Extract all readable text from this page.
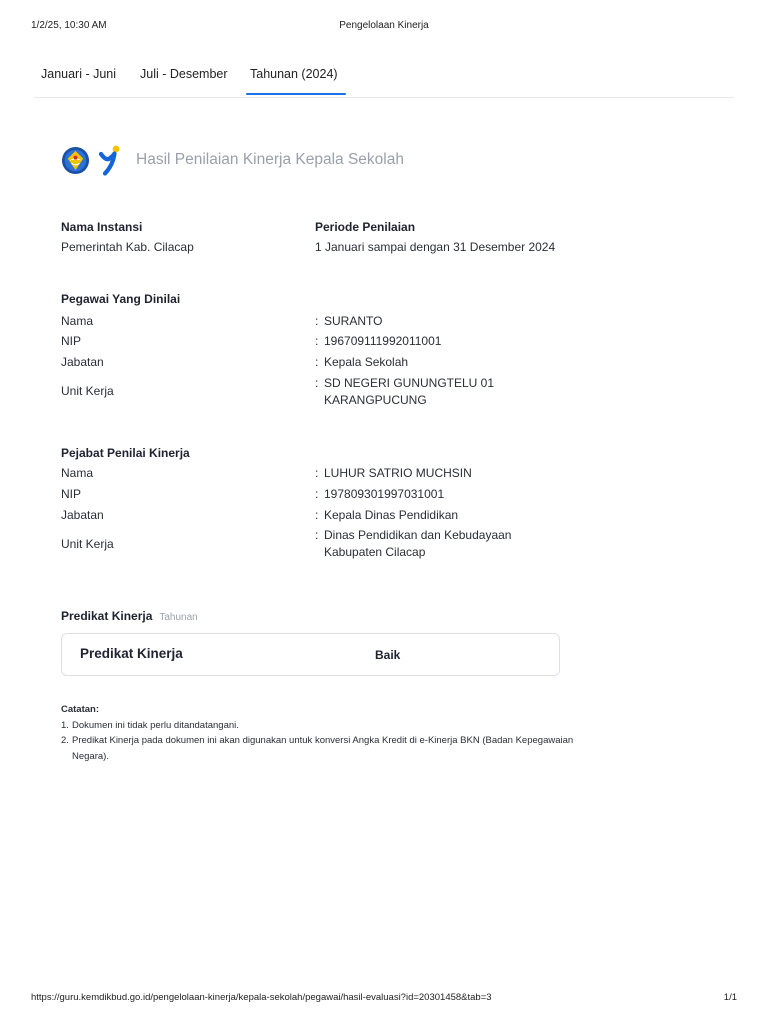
1/2/25, 10:30 AM	Pengelolaan Kinerja
Januari - Juni Juli - Desember Tahunan (2024)
Hasil Penilaian Kinerja Kepala Sekolah
Nama Instansi
Pemerintah Kab. Cilacap
Periode Penilaian
1 Januari sampai dengan 31 Desember 2024
Pegawai Yang Dinilai
Nama	: SURANTO
NIP	: 196709111992011001
Jabatan	: Kepala Sekolah
Unit Kerja
: SD NEGERI GUNUNGTELU 01 KARANGPUCUNG
Pejabat Penilai Kinerja
Nama	: LUHUR SATRIO MUCHSIN
NIP	: 197809301997031001
Jabatan	: Kepala Dinas Pendidikan
Unit Kerja
: Dinas Pendidikan dan Kebudayaan Kabupaten Cilacap
Predikat Kinerja Tahunan
Predikat Kinerja	Baik
Catatan:
1. Dokumen ini tidak perlu ditandatangani.
2. Predikat Kinerja pada dokumen ini akan digunakan untuk konversi Angka Kredit di e-Kinerja BKN (Badan Kepegawaian Negara).
https://guru.kemdikbud.go.id/pengelolaan-kinerja/kepala-sekolah/pegawai/hasil-evaluasi?id=20301458&tab=3	1/1
